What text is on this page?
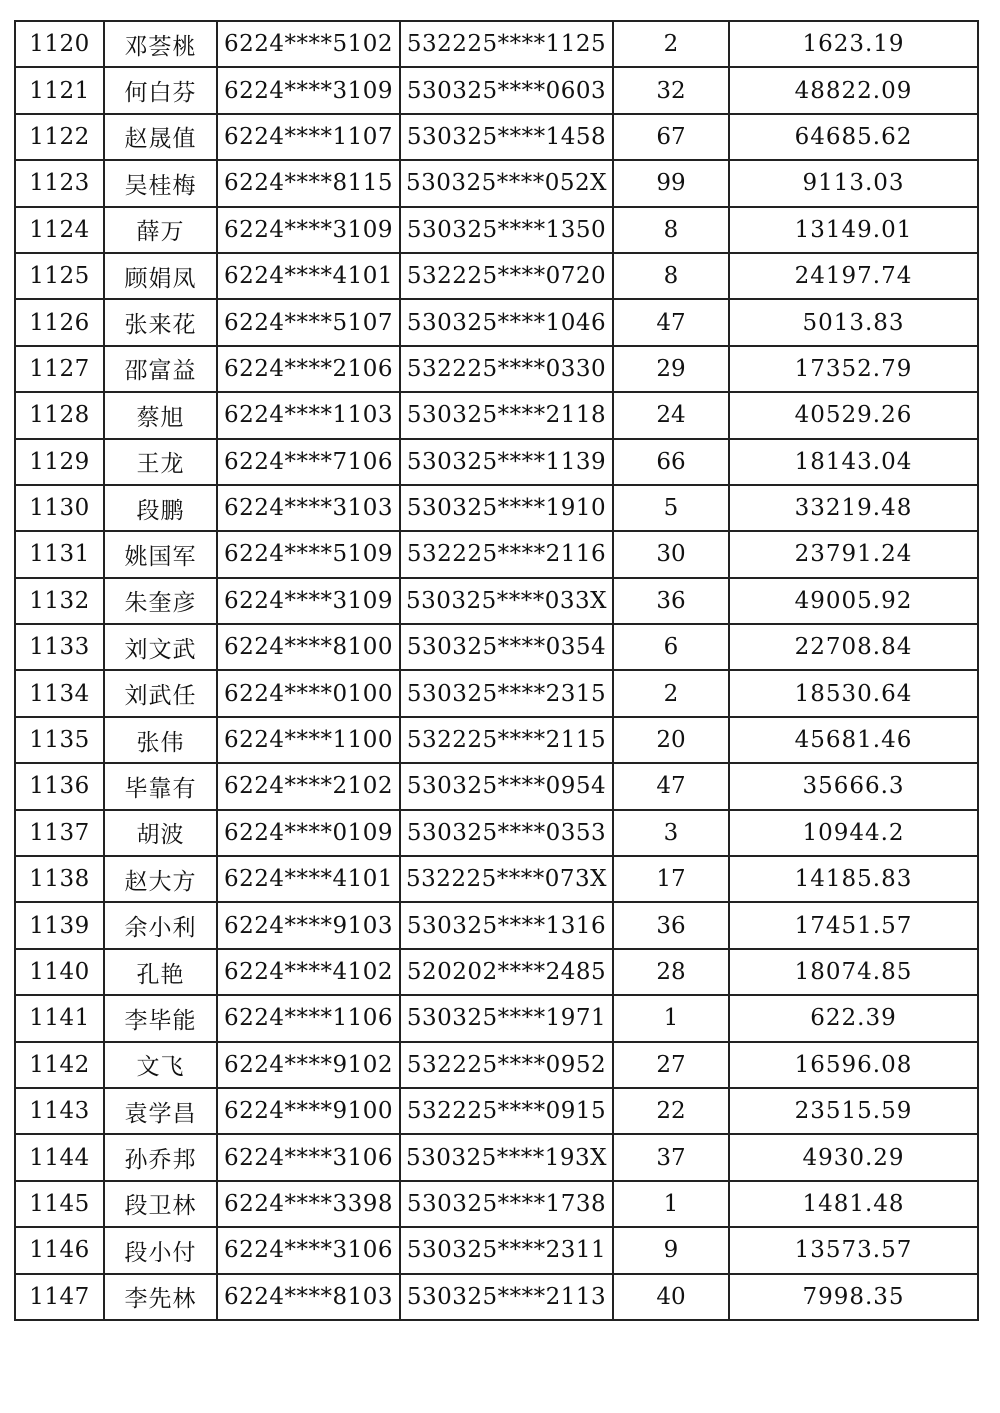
1120	邓荟桃	6224****5102	532225****1125	2	1623.19
1121	何白芬	6224****3109	530325****0603	32	48822.09
1122	赵晟值	6224****1107	530325****1458	67	64685.62
1123	吴桂梅	6224****8115	530325****052X	99	9113.03
1124	薛万	6224****3109	530325****1350	8	13149.01
1125	顾娟凤	6224****4101	532225****0720	8	24197.74
1126	张来花	6224****5107	530325****1046	47	5013.83
1127	邵富益	6224****2106	532225****0330	29	17352.79
1128	蔡旭	6224****1103	530325****2118	24	40529.26
1129	王龙	6224****7106	530325****1139	66	18143.04
1130	段鹏	6224****3103	530325****1910	5	33219.48
1131	姚国军	6224****5109	532225****2116	30	23791.24
1132	朱奎彦	6224****3109	530325****033X	36	49005.92
1133	刘文武	6224****8100	530325****0354	6	22708.84
1134	刘武任	6224****0100	530325****2315	2	18530.64
1135	张伟	6224****1100	532225****2115	20	45681.46
1136	毕靠有	6224****2102	530325****0954	47	35666.3
1137	胡波	6224****0109	530325****0353	3	10944.2
1138	赵大方	6224****4101	532225****073X	17	14185.83
1139	余小利	6224****9103	530325****1316	36	17451.57
1140	孔艳	6224****4102	520202****2485	28	18074.85
1141	李毕能	6224****1106	530325****1971	1	622.39
1142	文飞	6224****9102	532225****0952	27	16596.08
1143	袁学昌	6224****9100	532225****0915	22	23515.59
1144	孙乔邦	6224****3106	530325****193X	37	4930.29
1145	段卫林	6224****3398	530325****1738	1	1481.48
1146	段小付	6224****3106	530325****2311	9	13573.57
1147	李先林	6224****8103	530325****2113	40	7998.35
